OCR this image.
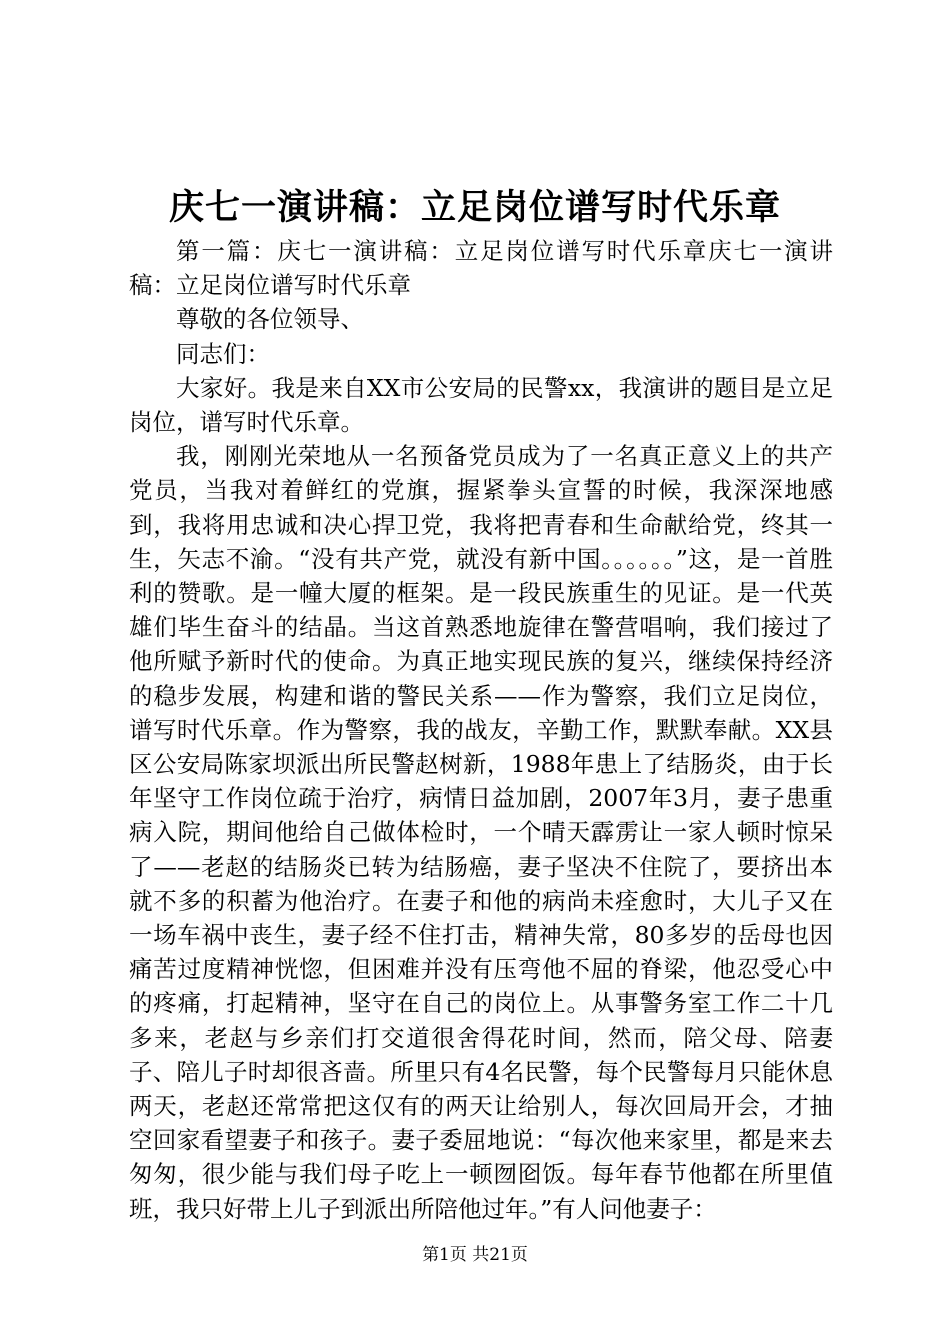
庆七一演讲稿：立足岗位谱写时代乐章

第一篇：庆七一演讲稿：立足岗位谱写时代乐章庆七一演讲稿：立足岗位谱写时代乐章

尊敬的各位领导、

同志们：

大家好。我是来自XX市公安局的民警xx，我演讲的题目是立足岗位，谱写时代乐章。

我，刚刚光荣地从一名预备党员成为了一名真正意义上的共产党员，当我对着鲜红的党旗，握紧拳头宣誓的时候，我深深地感到，我将用忠诚和决心捍卫党，我将把青春和生命献给党，终其一生，矢志不渝。“没有共产党，就没有新中国。。。。。。”这，是一首胜利的赞歌。是一幢大厦的框架。是一段民族重生的见证。是一代英雄们毕生奋斗的结晶。当这首熟悉地旋律在警营唱响，我们接过了他所赋予新时代的使命。为真正地实现民族的复兴，继续保持经济的稳步发展，构建和谐的警民关系——作为警察，我们立足岗位，谱写时代乐章。作为警察，我的战友，辛勤工作，默默奉献。XX县区公安局陈家坝派出所民警赵树新，1988年患上了结肠炎，由于长年坚守工作岗位疏于治疗，病情日益加剧，2007年3月，妻子患重病入院，期间他给自己做体检时，一个晴天霹雳让一家人顿时惊呆了——老赵的结肠炎已转为结肠癌，妻子坚决不住院了，要挤出本就不多的积蓄为他治疗。在妻子和他的病尚未痊愈时，大儿子又在一场车祸中丧生，妻子经不住打击，精神失常，80多岁的岳母也因痛苦过度精神恍惚，但困难并没有压弯他不屈的脊梁，他忍受心中的疼痛，打起精神，坚守在自己的岗位上。从事警务室工作二十几多来，老赵与乡亲们打交道很舍得花时间，然而，陪父母、陪妻子、陪儿子时却很吝啬。所里只有4名民警，每个民警每月只能休息两天，老赵还常常把这仅有的两天让给别人，每次回局开会，才抽空回家看望妻子和孩子。妻子委屈地说：“每次他来家里，都是来去匆匆，很少能与我们母子吃上一顿囫囵饭。每年春节他都在所里值班，我只好带上儿子到派出所陪他过年。”有人问他妻子：

第1页 共21页
